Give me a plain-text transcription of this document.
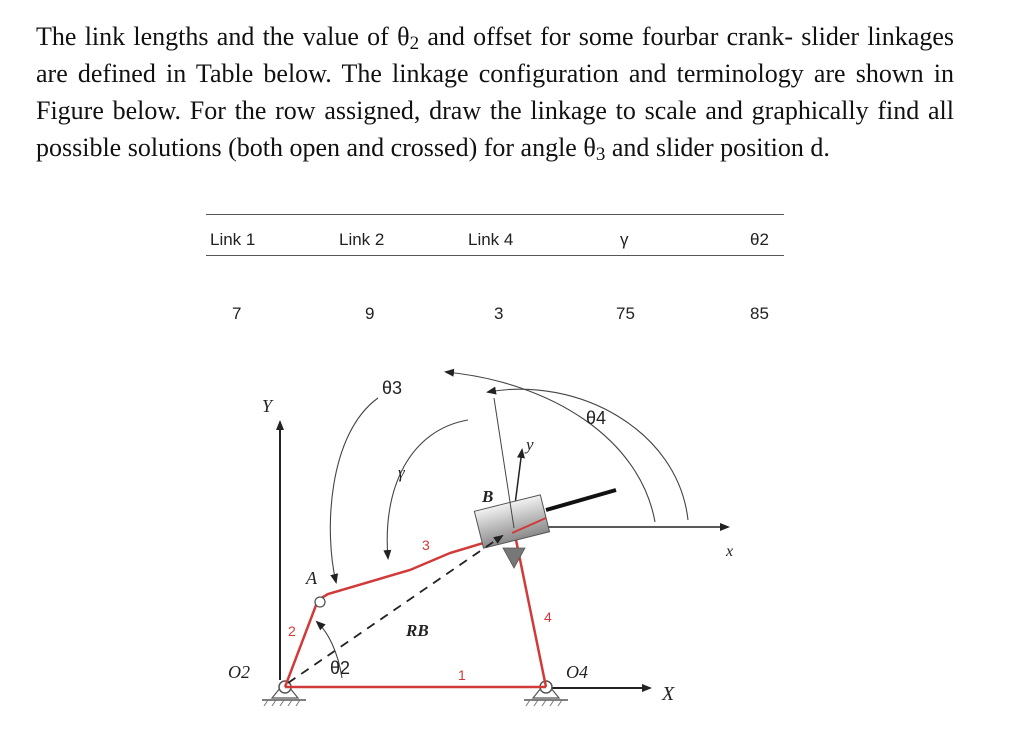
The link lengths and the value of $\theta_2$ and offset for some fourbar crank- slider linkages are defined in Table below. The linkage configuration and terminology are shown in Figure below. For the row assigned, draw the linkage to scale and graphically find all possible solutions (both open and crossed) for angle $\theta_3$ and slider position d.

Link 1	Link 2	Link 4	γ	θ2
7	9	3	75	85
Y
θ3
θ4
γ
y
B
x
3
A
2	RB
4
O2	θ2	1	O4
X
